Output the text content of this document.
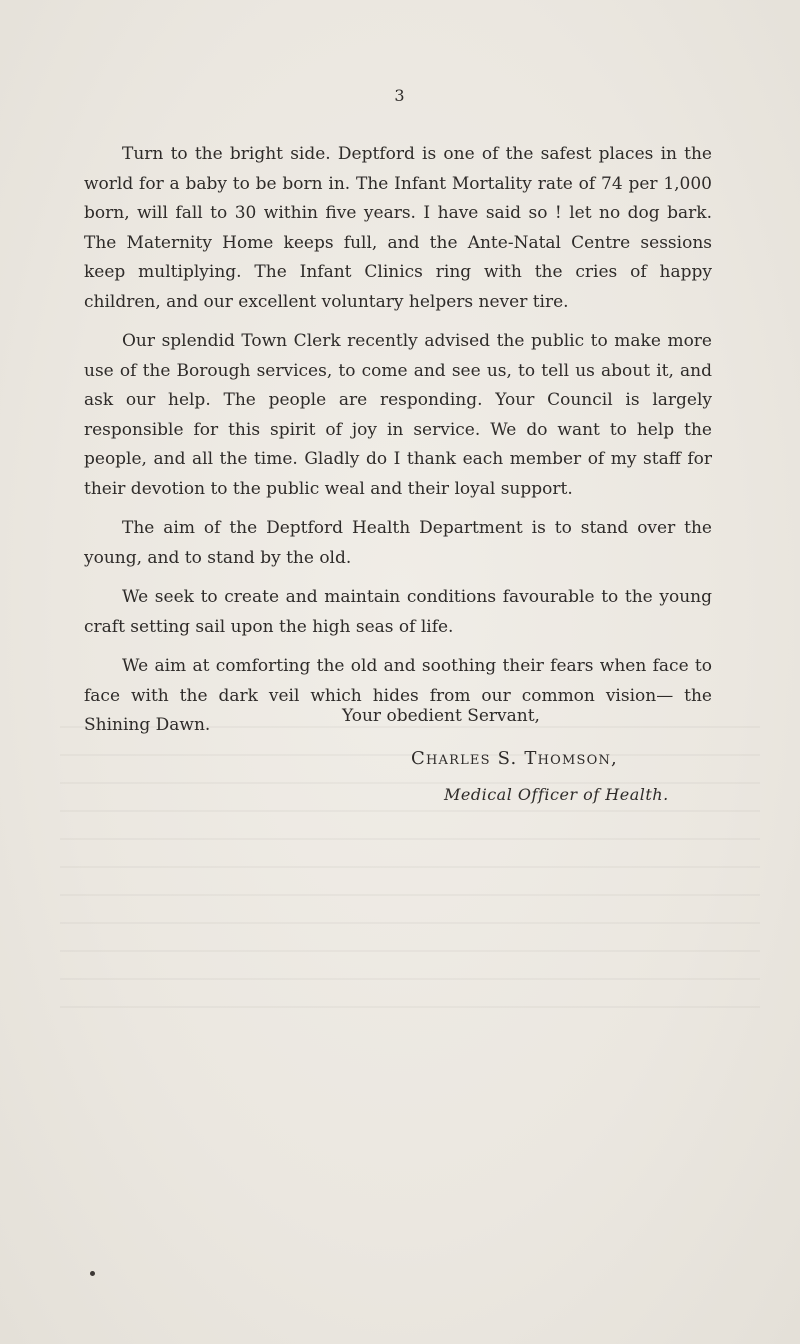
3

Turn to the bright side. Deptford is one of the safest places in the world for a baby to be born in. The Infant Mortality rate of 74 per 1,000 born, will fall to 30 within five years. I have said so ! let no dog bark. The Maternity Home keeps full, and the Ante-Natal Centre sessions keep multiplying. The Infant Clinics ring with the cries of happy children, and our excellent voluntary helpers never tire.

Our splendid Town Clerk recently advised the public to make more use of the Borough services, to come and see us, to tell us about it, and ask our help. The people are responding. Your Council is largely responsible for this spirit of joy in service. We do want to help the people, and all the time. Gladly do I thank each member of my staff for their devotion to the public weal and their loyal support.

The aim of the Deptford Health Department is to stand over the young, and to stand by the old.

We seek to create and maintain conditions favourable to the young craft setting sail upon the high seas of life.

We aim at comforting the old and soothing their fears when face to face with the dark veil which hides from our common vision— the Shining Dawn.	Your obedient Servant,
Charles S. Thomson,
Medical Officer of Health.
